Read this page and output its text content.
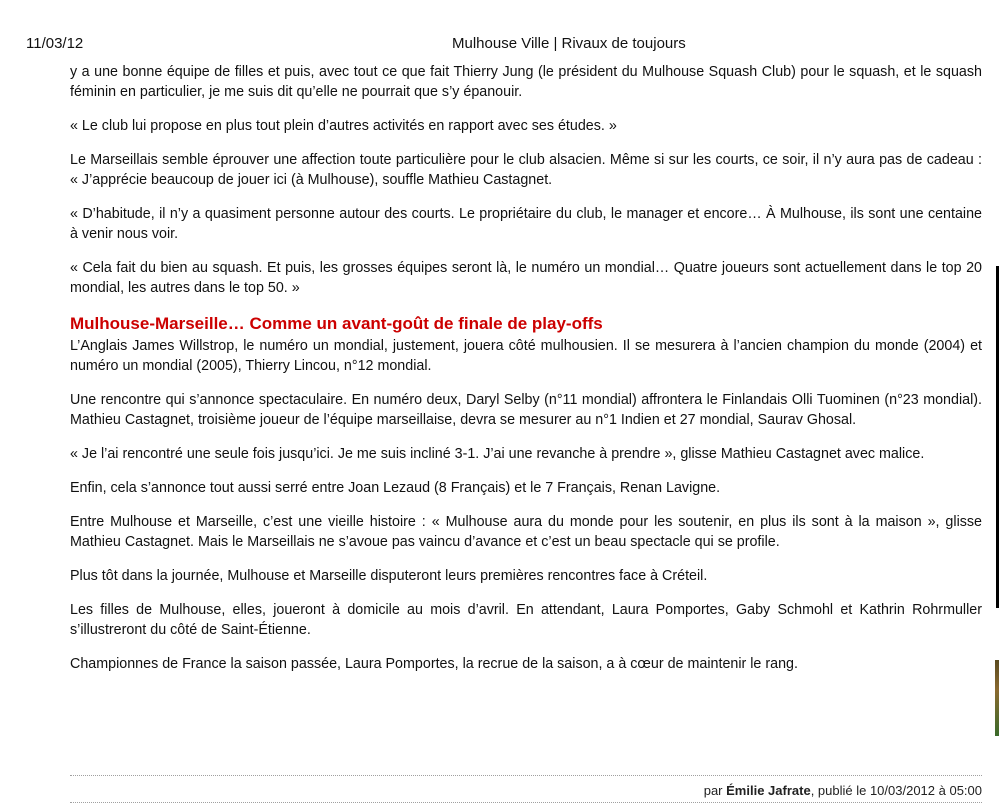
11/03/12	Mulhouse Ville | Rivaux de toujours

y a une bonne équipe de filles et puis, avec tout ce que fait Thierry Jung (le président du Mulhouse Squash Club) pour le squash, et le squash féminin en particulier, je me suis dit qu’elle ne pourrait que s’y épanouir.

« Le club lui propose en plus tout plein d’autres activités en rapport avec ses études. »

Le Marseillais semble éprouver une affection toute particulière pour le club alsacien. Même si sur les courts, ce soir, il n’y aura pas de cadeau : « J’apprécie beaucoup de jouer ici (à Mulhouse), souffle Mathieu Castagnet.

« D’habitude, il n’y a quasiment personne autour des courts. Le propriétaire du club, le manager et encore… À Mulhouse, ils sont une centaine à venir nous voir.

« Cela fait du bien au squash. Et puis, les grosses équipes seront là, le numéro un mondial… Quatre joueurs sont actuellement dans le top 20 mondial, les autres dans le top 50. »

Mulhouse-Marseille… Comme un avant-goût de finale de play-offs

L’Anglais James Willstrop, le numéro un mondial, justement, jouera côté mulhousien. Il se mesurera à l’ancien champion du monde (2004) et numéro un mondial (2005), Thierry Lincou, n°12 mondial.

Une rencontre qui s’annonce spectaculaire. En numéro deux, Daryl Selby (n°11 mondial) affrontera le Finlandais Olli Tuominen (n°23 mondial). Mathieu Castagnet, troisième joueur de l’équipe marseillaise, devra se mesurer au n°1 Indien et 27 mondial, Saurav Ghosal.

« Je l’ai rencontré une seule fois jusqu’ici. Je me suis incliné 3-1. J’ai une revanche à prendre », glisse Mathieu Castagnet avec malice.

Enfin, cela s’annonce tout aussi serré entre Joan Lezaud (8 Français) et le 7 Français, Renan Lavigne.

Entre Mulhouse et Marseille, c’est une vieille histoire : « Mulhouse aura du monde pour les soutenir, en plus ils sont à la maison », glisse Mathieu Castagnet. Mais le Marseillais ne s’avoue pas vaincu d’avance et c’est un beau spectacle qui se profile.

Plus tôt dans la journée, Mulhouse et Marseille disputeront leurs premières rencontres face à Créteil.

Les filles de Mulhouse, elles, joueront à domicile au mois d’avril. En attendant, Laura Pomportes, Gaby Schmohl et Kathrin Rohrmuller s’illustreront du côté de Saint-Étienne.

Championnes de France la saison passée, Laura Pomportes, la recrue de la saison, a à cœur de maintenir le rang.

par Émilie Jafrate, publié le 10/03/2012 à 05:00
